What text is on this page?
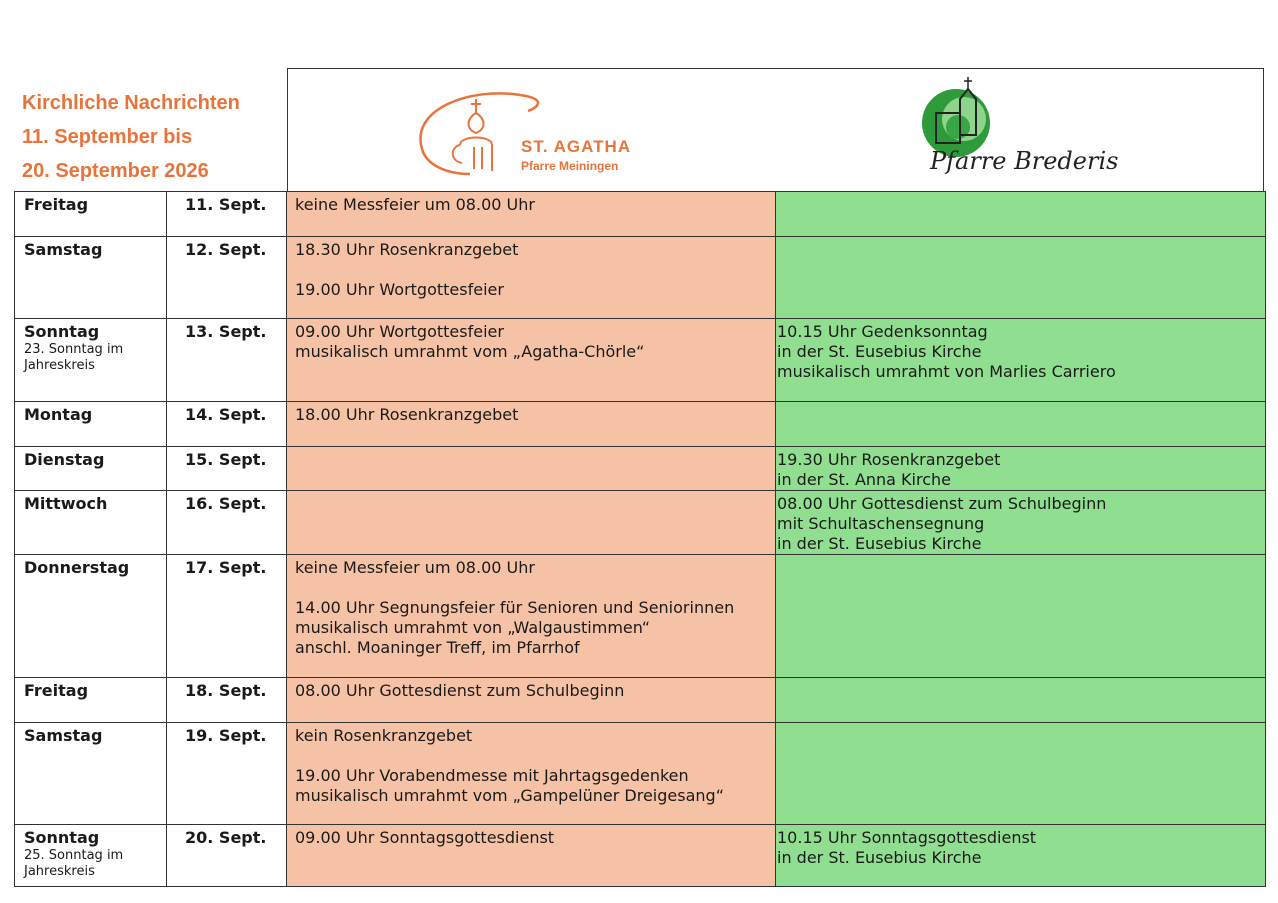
Kirchliche Nachrichten
11. September bis
20. September 2026
ST. AGATHA
Pfarre Meiningen	Pfarre Brederis
Freitag	11. Sept.	keine Messfeier um 08.00 Uhr	

Samstag	12. Sept.	18.30 Uhr Rosenkranzgebet
19.00 Uhr Wortgottesfeier	

Sonntag
23. Sonntag im
Jahreskreis	13. Sept.	09.00 Uhr Wortgottesfeier
musikalisch umrahmt vom „Agatha-Chörle“	10.15 Uhr Gedenksonntag
in der St. Eusebius Kirche
musikalisch umrahmt von Marlies Carriero

Montag	14. Sept.	18.00 Uhr Rosenkranzgebet	

Dienstag	15. Sept.		19.30 Uhr Rosenkranzgebet
in der St. Anna Kirche

Mittwoch	16. Sept.		08.00 Uhr Gottesdienst zum Schulbeginn
mit Schultaschensegnung
in der St. Eusebius Kirche

Donnerstag	17. Sept.	keine Messfeier um 08.00 Uhr
14.00 Uhr Segnungsfeier für Senioren und Seniorinnen
musikalisch umrahmt von „Walgaustimmen“
anschl. Moaninger Treff, im Pfarrhof	

Freitag	18. Sept.	08.00 Uhr Gottesdienst zum Schulbeginn	

Samstag	19. Sept.	kein Rosenkranzgebet
19.00 Uhr Vorabendmesse mit Jahrtagsgedenken
musikalisch umrahmt vom „Gampelüner Dreigesang“	

Sonntag
25. Sonntag im
Jahreskreis	20. Sept.	09.00 Uhr Sonntagsgottesdienst	10.15 Uhr Sonntagsgottesdienst
in der St. Eusebius Kirche
